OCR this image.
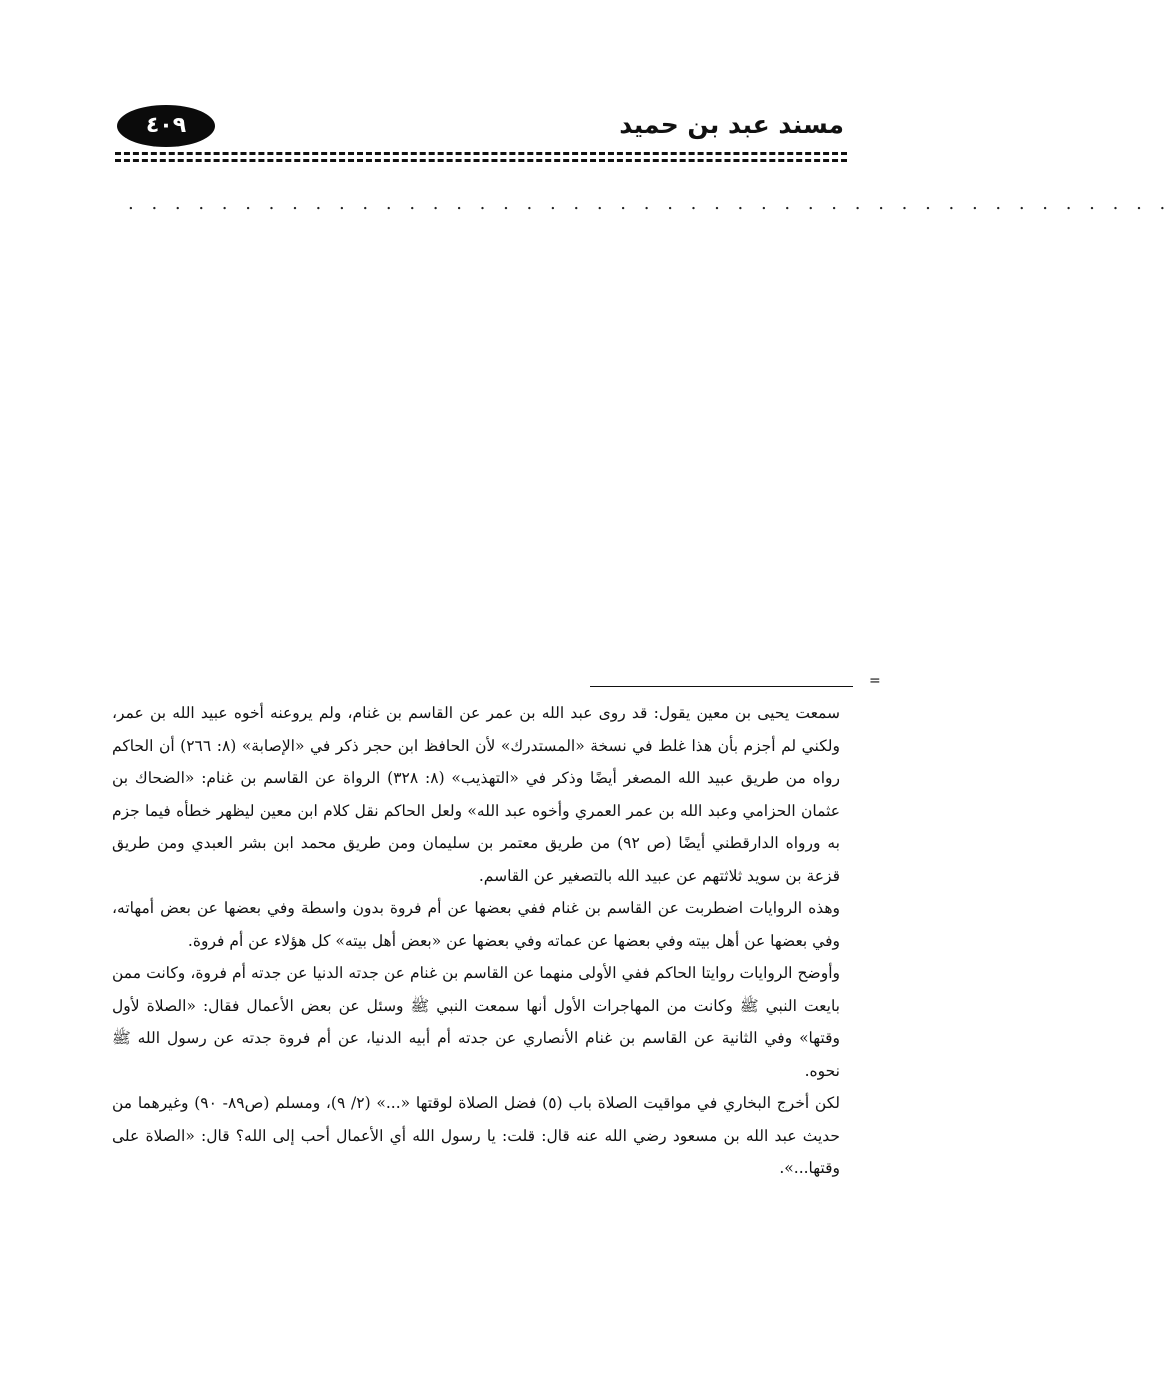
٤٠٩	مسند عبد بن حميد
. . . . . . . . . . . . . . . . . . . . . . . . . . . . . . . . . . . . . . . . . . . . .
=

سمعت يحيى بن معين يقول: قد روى عبد الله بن عمر عن القاسم بن غنام، ولم يروعنه أخوه عبيد الله بن عمر، ولكني لم أجزم بأن هذا غلط في نسخة «المستدرك» لأن الحافظ ابن حجر ذكر في «الإصابة» (٨: ٢٦٦) أن الحاكم رواه من طريق عبيد الله المصغر أيضًا وذكر في «التهذيب» (٨: ٣٢٨) الرواة عن القاسم بن غنام: «الضحاك بن عثمان الحزامي وعبد الله بن عمر العمري وأخوه عبد الله» ولعل الحاكم نقل كلام ابن معين ليظهر خطأه فيما جزم به ورواه الدارقطني أيضًا (ص ٩٢) من طريق معتمر بن سليمان ومن طريق محمد ابن بشر العبدي ومن طريق قزعة بن سويد ثلاثتهم عن عبيد الله بالتصغير عن القاسم.

وهذه الروايات اضطربت عن القاسم بن غنام ففي بعضها عن أم فروة بدون واسطة وفي بعضها عن بعض أمهاته، وفي بعضها عن أهل بيته وفي بعضها عن عماته وفي بعضها عن «بعض أهل بيته» كل هؤلاء عن أم فروة.

وأوضح الروايات روايتا الحاكم ففي الأولى منهما عن القاسم بن غنام عن جدته الدنيا عن جدته أم فروة، وكانت ممن بايعت النبي ﷺ وكانت من المهاجرات الأول أنها سمعت النبي ﷺ وسئل عن بعض الأعمال فقال: «الصلاة لأول وقتها» وفي الثانية عن القاسم بن غنام الأنصاري عن جدته أم أبيه الدنيا، عن أم فروة جدته عن رسول الله ﷺ نحوه.

لكن أخرج البخاري في مواقيت الصلاة باب (٥) فضل الصلاة لوقتها «...» (٢/ ٩)، ومسلم (ص٨٩- ٩٠) وغيرهما من حديث عبد الله بن مسعود رضي الله عنه قال: قلت: يا رسول الله أي الأعمال أحب إلى الله؟ قال: «الصلاة على وقتها...».
